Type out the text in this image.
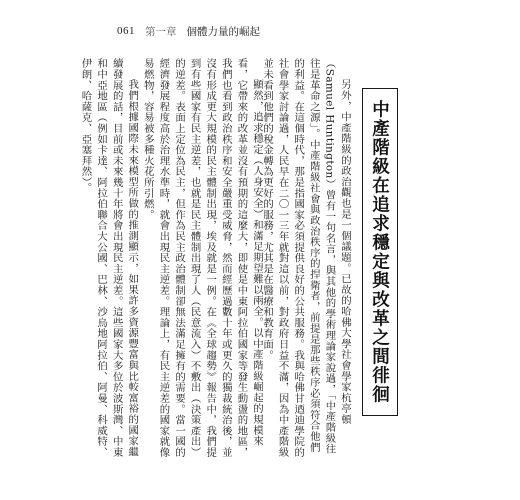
061 第一章 個體力量的崛起
中產階級在追求穩定與改革之間徘徊

另外，中產階級的政治觀也是一個議題。已故的哈佛大學社會學家杭亭頓（Samuel Huntington）曾有一句名言，與其他的學術理論家說過，「中產階級往往是革命之源」。中產階級社會與政治秩序的捍衛者，前提是那些秩序必須符合他們的利益。在這個時代，那是指國家必須提供良好的公共服務。我與哈佛甘迺迪學院的社會學家討論過，人民早在二〇一三年就對這以前，對政府日益不滿，因為中產階級並未看到他們的稅金轉為更好的服務，尤其是在醫療和教育面。

顯然，追求穩定（人身安全）和滿足期望難以兩全。以中產階級崛起的規模來看，它帶來的改革並沒有預期的這麼大，即使是中東阿拉伯國家等發生動盪的地區，我們也看到政治秩序和安全嚴重受威脅，然而經歷過數十年或更久的獨裁統治後，並沒有形成更大規模的民主體制出現，埃及就是一例。在《全球趨勢》報告中，我們提到有些國家有民主逆差，也就是民主體制出現了人（民意流入）不敷出（決策產出）的逆差。表面上定位為民主，但作為民主政治體制卻無法滿足擁有的需要。當一國的經濟發展程度高於治理水準時，就會出現民主逆差。理論上，有民主逆差的國家就像易燃物，容易被多種火花所引燃。

我們根據國際未來模型所做的推測顯示，如果許多資源豐富與比較富裕的國家繼續發展的話，目前或未來幾十年將會出現民主逆差。這些國家大多位於波斯灣、中東和中亞地區（例如卡達、阿拉伯聯合大公國、巴林、沙烏地阿拉伯、阿曼、科威特、伊朗、哈薩克、亞塞拜然）。
